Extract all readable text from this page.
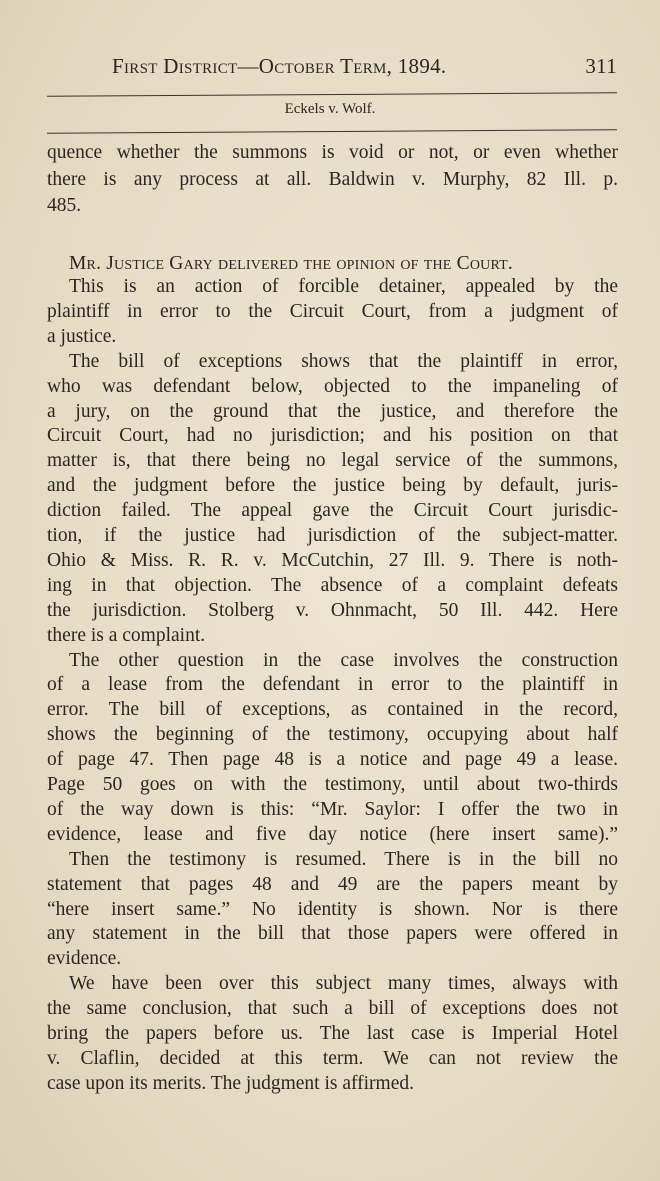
First District—October Term, 1894.	311
Eckels v. Wolf.
quence whether the summons is void or not, or even whether
there is any process at all. Baldwin v. Murphy, 82 Ill. p.
485.
Mr. Justice Gary delivered the opinion of the Court.
This is an action of forcible detainer, appealed by the
plaintiff in error to the Circuit Court, from a judgment of
a justice.
The bill of exceptions shows that the plaintiff in error,
who was defendant below, objected to the impaneling of
a jury, on the ground that the justice, and therefore the
Circuit Court, had no jurisdiction; and his position on that
matter is, that there being no legal service of the summons,
and the judgment before the justice being by default, juris-
diction failed. The appeal gave the Circuit Court jurisdic-
tion, if the justice had jurisdiction of the subject-matter.
Ohio & Miss. R. R. v. McCutchin, 27 Ill. 9. There is noth-
ing in that objection. The absence of a complaint defeats
the jurisdiction. Stolberg v. Ohnmacht, 50 Ill. 442. Here
there is a complaint.
The other question in the case involves the construction
of a lease from the defendant in error to the plaintiff in
error. The bill of exceptions, as contained in the record,
shows the beginning of the testimony, occupying about half
of page 47. Then page 48 is a notice and page 49 a lease.
Page 50 goes on with the testimony, until about two-thirds
of the way down is this: “Mr. Saylor: I offer the two in
evidence, lease and five day notice (here insert same).”
Then the testimony is resumed. There is in the bill no
statement that pages 48 and 49 are the papers meant by
“here insert same.” No identity is shown. Nor is there
any statement in the bill that those papers were offered in
evidence.
We have been over this subject many times, always with
the same conclusion, that such a bill of exceptions does not
bring the papers before us. The last case is Imperial Hotel
v. Claflin, decided at this term. We can not review the
case upon its merits. The judgment is affirmed.
